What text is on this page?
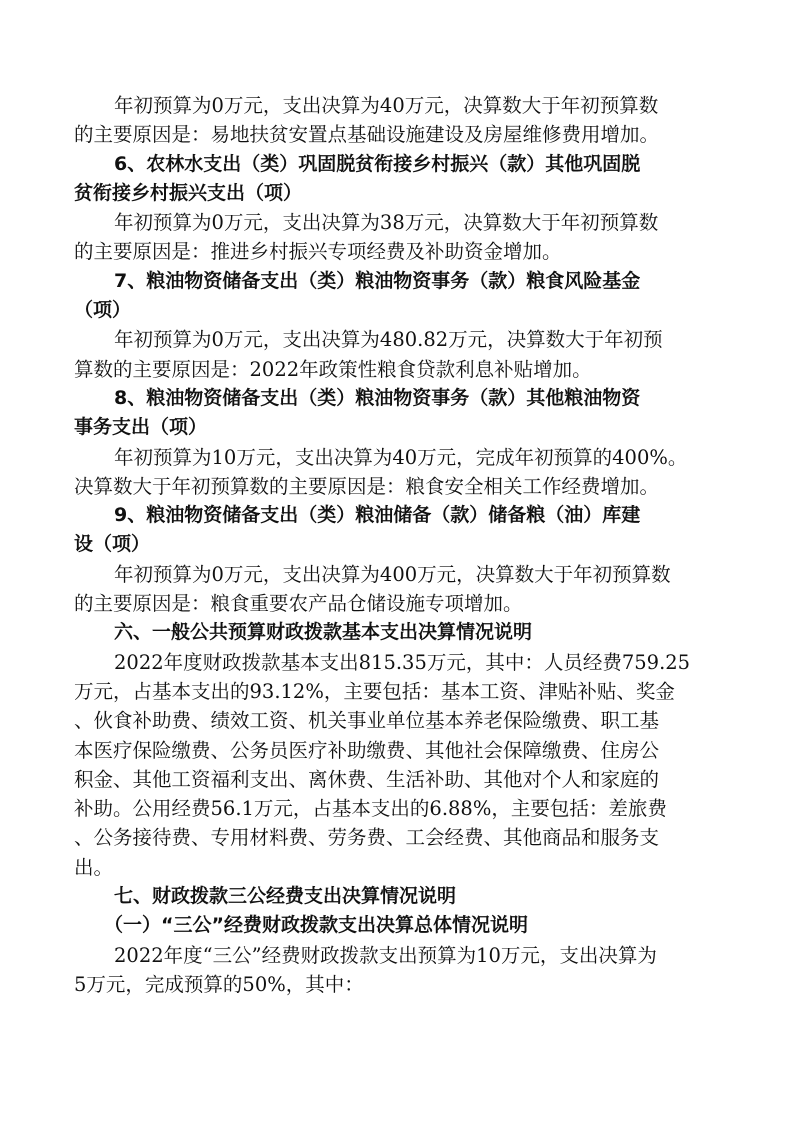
年初预算为0万元，支出决算为40万元，决算数大于年初预算数
的主要原因是：易地扶贫安置点基础设施建设及房屋维修费用增加。
6、农林水支出（类）巩固脱贫衔接乡村振兴（款）其他巩固脱
贫衔接乡村振兴支出（项）
年初预算为0万元，支出决算为38万元，决算数大于年初预算数
的主要原因是：推进乡村振兴专项经费及补助资金增加。
7、粮油物资储备支出（类）粮油物资事务（款）粮食风险基金
（项）
年初预算为0万元，支出决算为480.82万元，决算数大于年初预
算数的主要原因是：2022年政策性粮食贷款利息补贴增加。
8、粮油物资储备支出（类）粮油物资事务（款）其他粮油物资
事务支出（项）
年初预算为10万元，支出决算为40万元，完成年初预算的400%。
决算数大于年初预算数的主要原因是：粮食安全相关工作经费增加。
9、粮油物资储备支出（类）粮油储备（款）储备粮（油）库建
设（项）
年初预算为0万元，支出决算为400万元，决算数大于年初预算数
的主要原因是：粮食重要农产品仓储设施专项增加。
六、一般公共预算财政拨款基本支出决算情况说明
2022年度财政拨款基本支出815.35万元，其中：人员经费759.25
万元，占基本支出的93.12%，主要包括：基本工资、津贴补贴、奖金
、伙食补助费、绩效工资、机关事业单位基本养老保险缴费、职工基
本医疗保险缴费、公务员医疗补助缴费、其他社会保障缴费、住房公
积金、其他工资福利支出、离休费、生活补助、其他对个人和家庭的
补助。公用经费56.1万元，占基本支出的6.88%，主要包括：差旅费
、公务接待费、专用材料费、劳务费、工会经费、其他商品和服务支
出。
七、财政拨款三公经费支出决算情况说明
（一）“三公”经费财政拨款支出决算总体情况说明
2022年度“三公”经费财政拨款支出预算为10万元，支出决算为
5万元，完成预算的50%，其中：
